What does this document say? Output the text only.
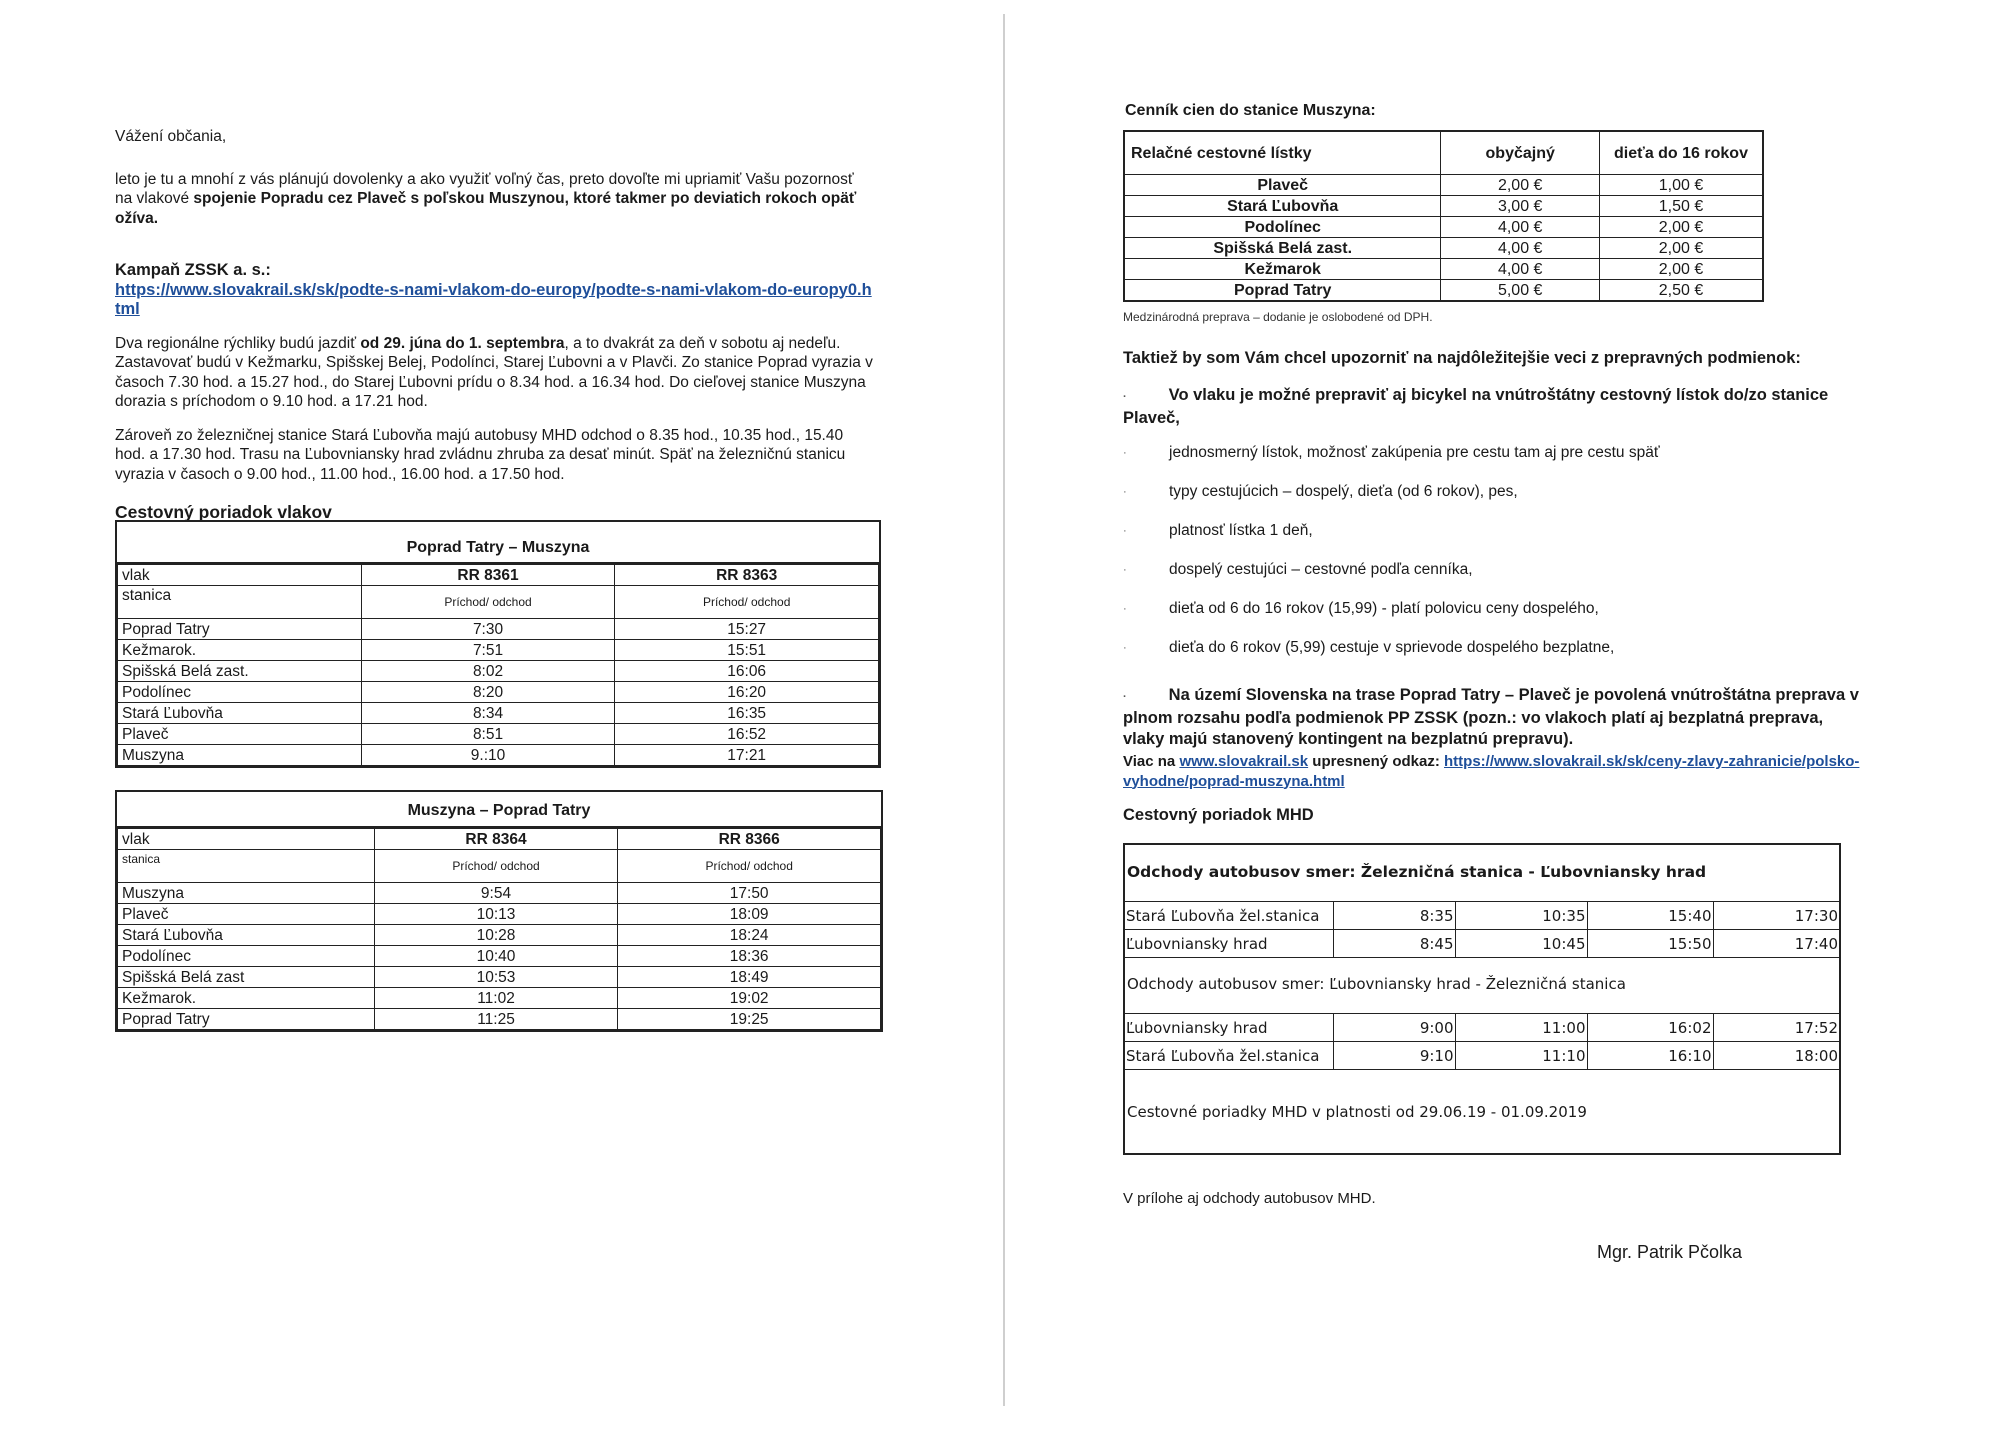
Vážení občania,

leto je tu a mnohí z vás plánujú dovolenky a ako využiť voľný čas, preto dovoľte mi upriamiť Vašu pozornosť na vlakové spojenie Popradu cez Plaveč s poľskou Muszynou, ktoré takmer po deviatich rokoch opäť ožíva.

Kampaň ZSSK a. s.:

https://www.slovakrail.sk/sk/podte-s-nami-vlakom-do-europy/podte-s-nami-vlakom-do-europy0.html

Dva regionálne rýchliky budú jazdiť od 29. júna do 1. septembra, a to dvakrát za deň v sobotu aj nedeľu. Zastavovať budú v Kežmarku, Spišskej Belej, Podolínci, Starej Ľubovni a v Plavči. Zo stanice Poprad vyrazia v časoch 7.30 hod. a 15.27 hod., do Starej Ľubovni prídu o 8.34 hod. a 16.34 hod. Do cieľovej stanice Muszyna dorazia s príchodom o 9.10 hod. a 17.21 hod.

Zároveň zo železničnej stanice Stará Ľubovňa majú autobusy MHD odchod o 8.35 hod., 10.35 hod., 15.40 hod. a 17.30 hod. Trasu na Ľubovniansky hrad zvládnu zhruba za desať minút. Späť na železničnú stanicu vyrazia v časoch o 9.00 hod., 11.00 hod., 16.00 hod. a 17.50 hod.

Cestovný poriadok vlakov
Poprad Tatry – Muszyna
vlak	RR 8361	RR 8363
stanica	Príchod/ odchod	Príchod/ odchod
Poprad Tatry	7:30	15:27
Kežmarok.	7:51	15:51
Spišská Belá zast.	8:02	16:06
Podolínec	8:20	16:20
Stará Ľubovňa	8:34	16:35
Plaveč	8:51	16:52
Muszyna	9.:10	17:21
Muszyna – Poprad Tatry
vlak	RR 8364	RR 8366
stanica	Príchod/ odchod	Príchod/ odchod
Muszyna	9:54	17:50
Plaveč	10:13	18:09
Stará Ľubovňa	10:28	18:24
Podolínec	10:40	18:36
Spišská Belá zast	10:53	18:49
Kežmarok.	11:02	19:02
Poprad Tatry	11:25	19:25
Cenník cien do stanice Muszyna:
Relačné cestovné lístky	obyčajný	dieťa do 16 rokov
Plaveč	2,00 €	1,00 €
Stará Ľubovňa	3,00 €	1,50 €
Podolínec	4,00 €	2,00 €
Spišská Belá zast.	4,00 €	2,00 €
Kežmarok	4,00 €	2,00 €
Poprad Tatry	5,00 €	2,50 €
Medzinárodná preprava – dodanie je oslobodené od DPH.
Taktiež by som Vám chcel upozorniť na najdôležitejšie veci z prepravných podmienok:

·	Vo vlaku je možné prepraviť aj bicykel na vnútroštátny cestovný lístok do/zo stanice Plaveč,

·	jednosmerný lístok, možnosť zakúpenia pre cestu tam aj pre cestu späť
·	typy cestujúcich – dospelý, dieťa (od 6 rokov), pes,
·	platnosť lístka 1 deň,
·	dospelý cestujúci – cestovné podľa cenníka,
·	dieťa od 6 do 16 rokov (15,99) - platí polovicu ceny dospelého,
·	dieťa do 6 rokov (5,99) cestuje v sprievode dospelého bezplatne,

·	Na území Slovenska na trase Poprad Tatry – Plaveč je povolená vnútroštátna preprava v plnom rozsahu podľa podmienok PP ZSSK (pozn.: vo vlakoch platí aj bezplatná preprava, vlaky majú stanovený kontingent na bezplatnú prepravu).

Viac na www.slovakrail.sk upresnený odkaz: https://www.slovakrail.sk/sk/ceny-zlavy-zahranicie/polsko-vyhodne/poprad-muszyna.html

Cestovný poriadok MHD
Odchody autobusov smer: Železničná stanica - Ľubovniansky hrad
Stará Ľubovňa žel.stanica	8:35	10:35	15:40	17:30
Ľubovniansky hrad	8:45	10:45	15:50	17:40
Odchody autobusov smer: Ľubovniansky hrad - Železničná stanica
Ľubovniansky hrad	9:00	11:00	16:02	17:52
Stará Ľubovňa žel.stanica	9:10	11:10	16:10	18:00
Cestovné poriadky MHD v platnosti od 29.06.19 - 01.09.2019
V prílohe aj odchody autobusov MHD.
Mgr. Patrik Pčolka
